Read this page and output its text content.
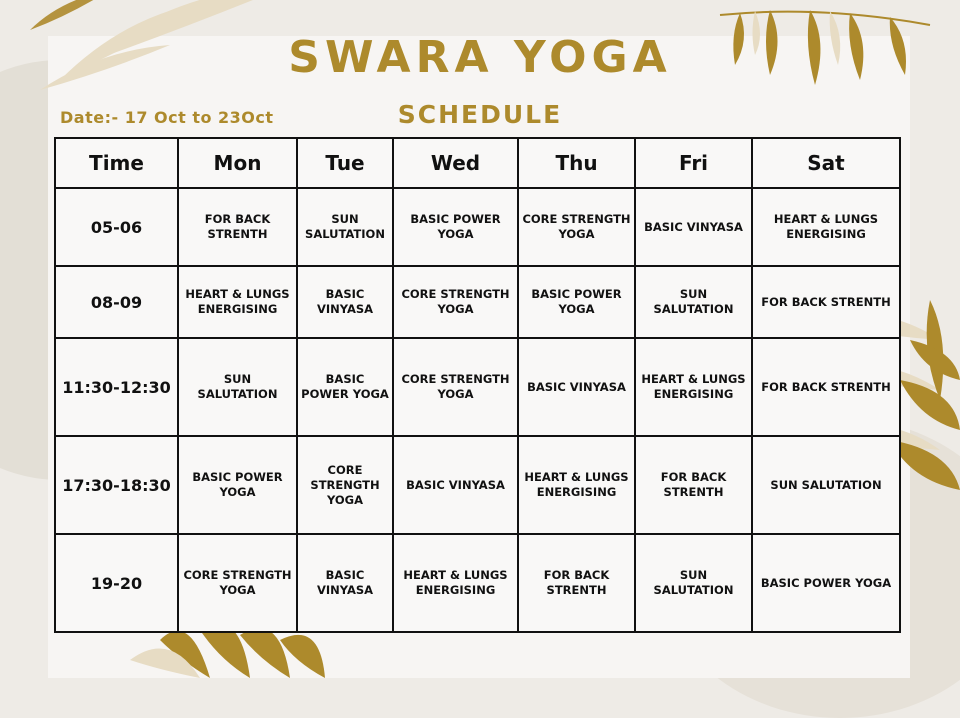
SWARA YOGA
Date:- 17 Oct to 23Oct	SCHEDULE
Time	Mon	Tue	Wed	Thu	Fri	Sat
05-06	FOR BACK STRENTH	SUN SALUTATION	BASIC POWER YOGA	CORE STRENGTH YOGA	BASIC VINYASA	HEART & LUNGS ENERGISING
08-09	HEART & LUNGS ENERGISING	BASIC VINYASA	CORE STRENGTH YOGA	BASIC POWER YOGA	SUN SALUTATION	FOR BACK STRENTH
11:30-12:30	SUN SALUTATION	BASIC POWER YOGA	CORE STRENGTH YOGA	BASIC VINYASA	HEART & LUNGS ENERGISING	FOR BACK STRENTH
17:30-18:30	BASIC POWER YOGA	CORE STRENGTH YOGA	BASIC VINYASA	HEART & LUNGS ENERGISING	FOR BACK STRENTH	SUN SALUTATION
19-20	CORE STRENGTH YOGA	BASIC VINYASA	HEART & LUNGS ENERGISING	FOR BACK STRENTH	SUN SALUTATION	BASIC POWER YOGA
